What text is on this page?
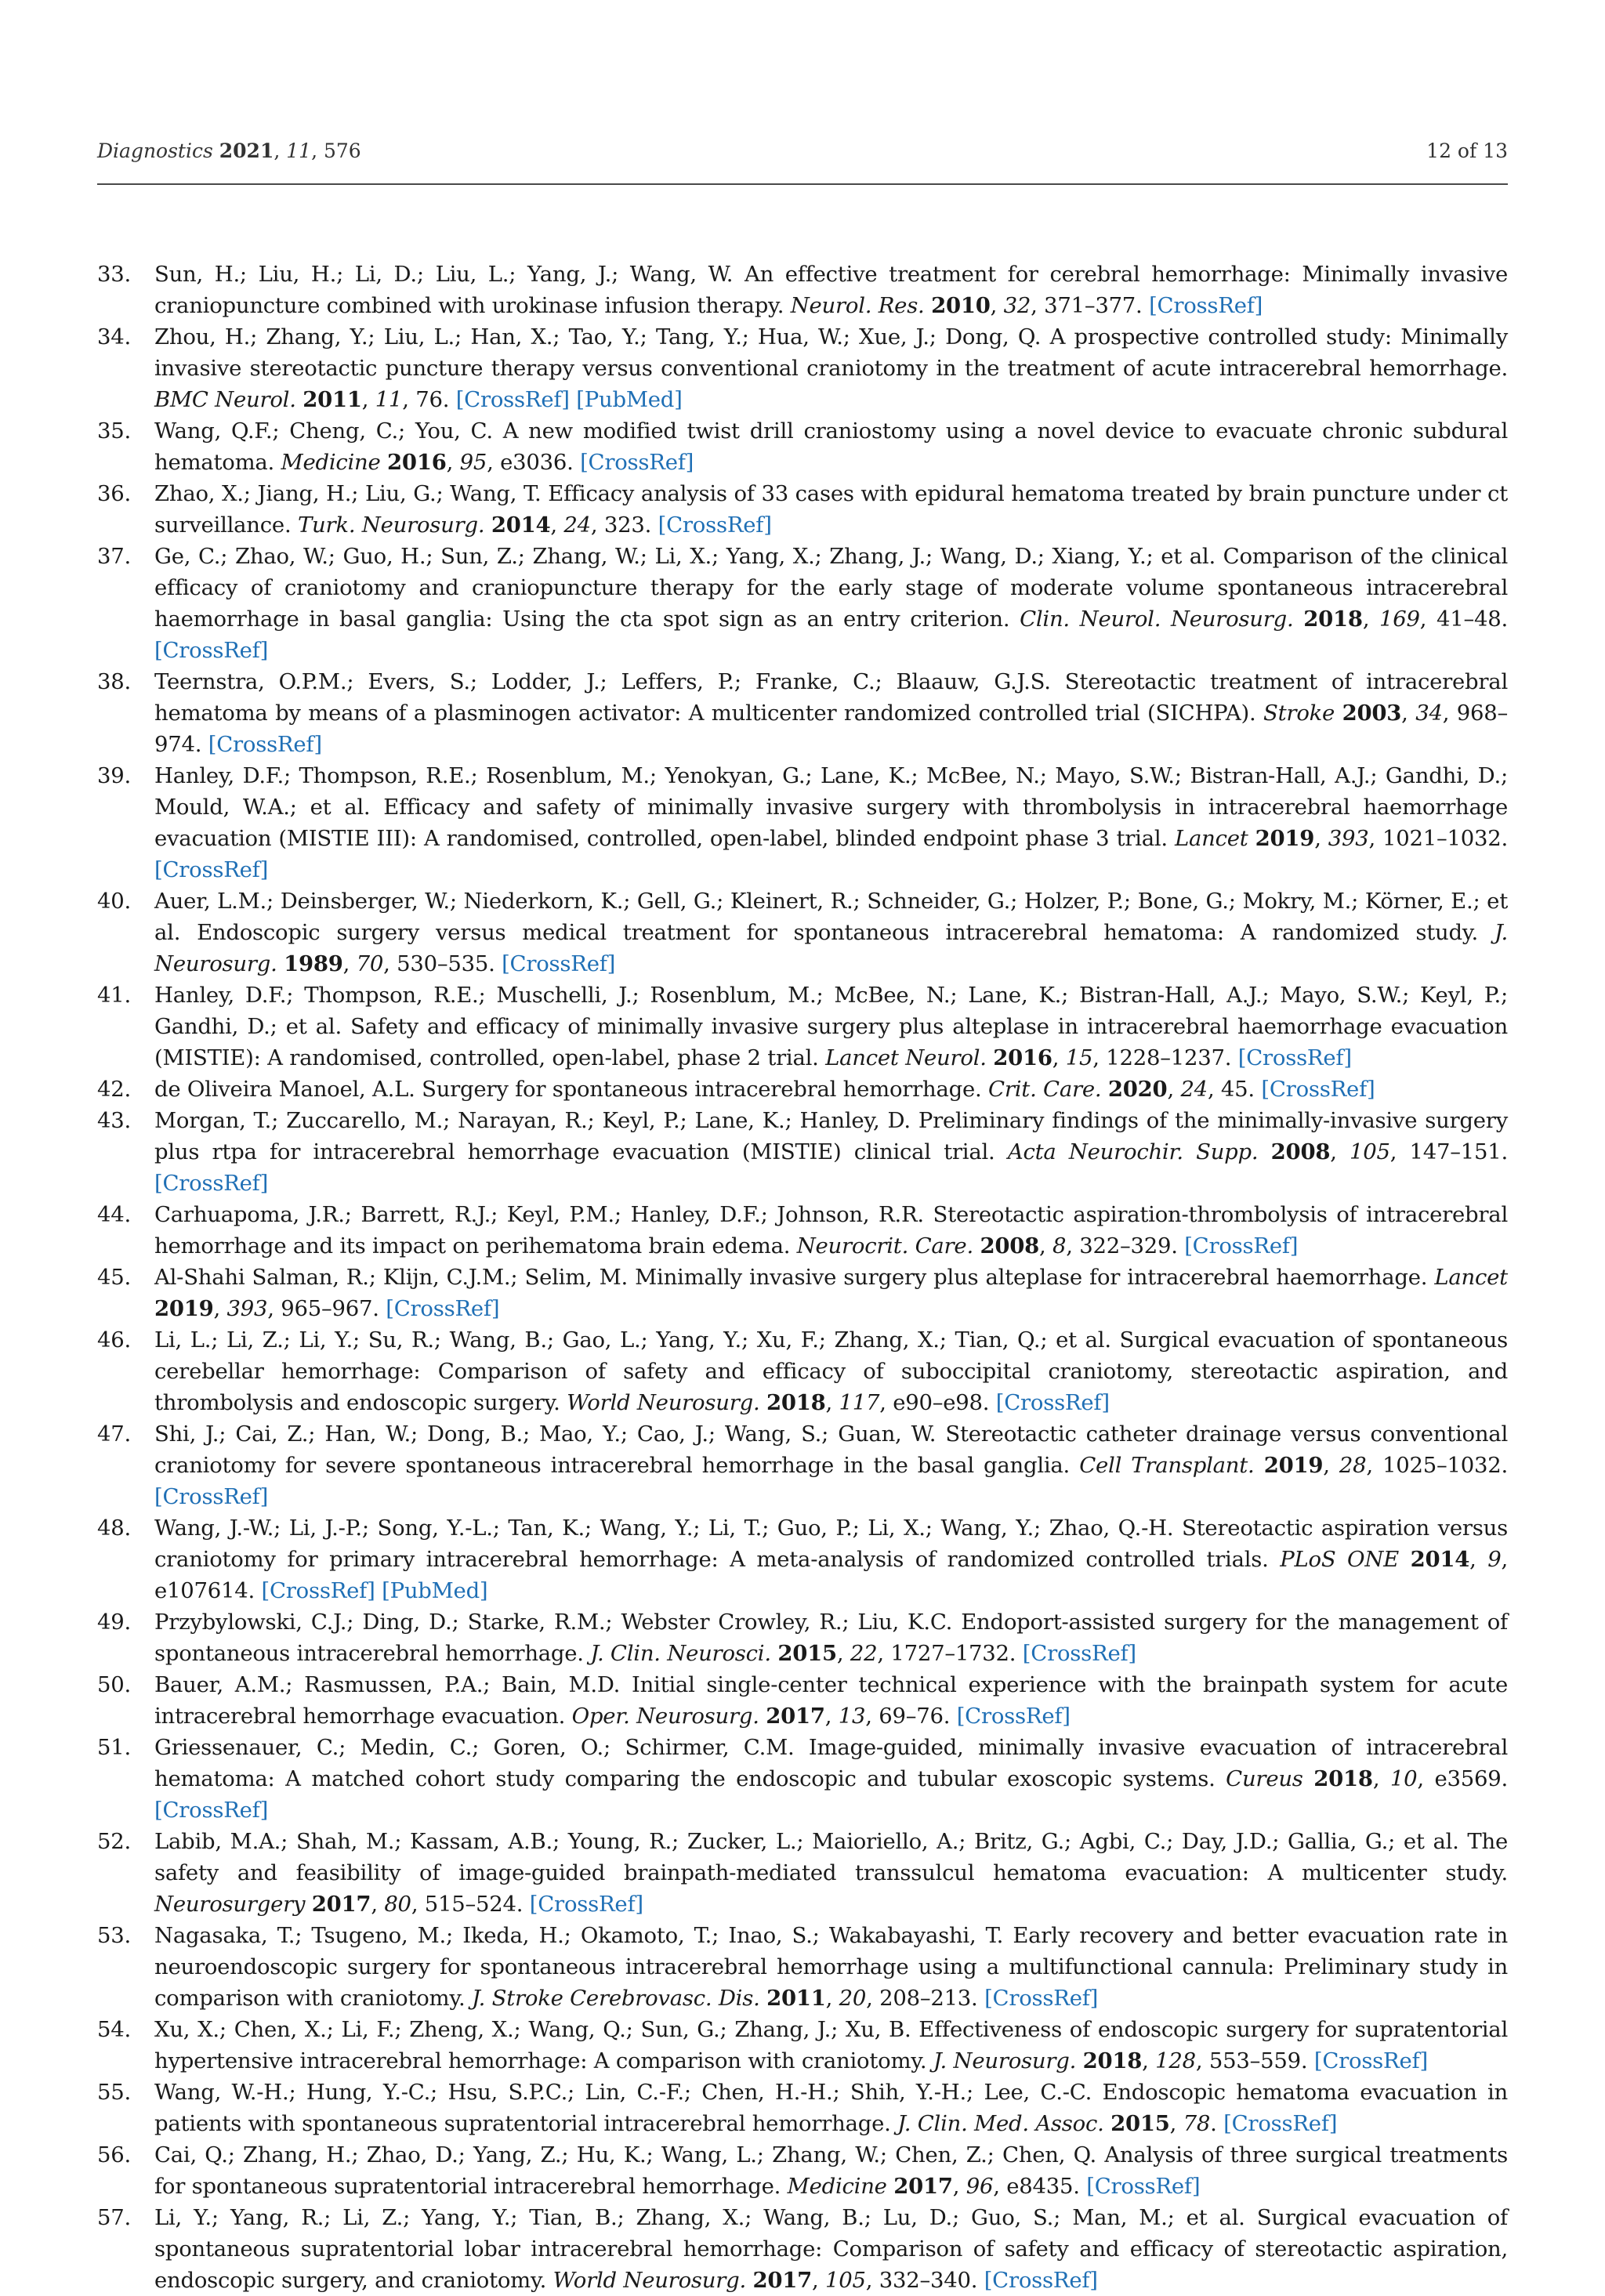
Diagnostics 2021, 11, 576	12 of 13
33. Sun, H.; Liu, H.; Li, D.; Liu, L.; Yang, J.; Wang, W. An effective treatment for cerebral hemorrhage: Minimally invasive craniopuncture combined with urokinase infusion therapy. Neurol. Res. 2010, 32, 371–377. [CrossRef]
34. Zhou, H.; Zhang, Y.; Liu, L.; Han, X.; Tao, Y.; Tang, Y.; Hua, W.; Xue, J.; Dong, Q. A prospective controlled study: Minimally invasive stereotactic puncture therapy versus conventional craniotomy in the treatment of acute intracerebral hemorrhage. BMC Neurol. 2011, 11, 76. [CrossRef] [PubMed]
35. Wang, Q.F.; Cheng, C.; You, C. A new modified twist drill craniostomy using a novel device to evacuate chronic subdural hematoma. Medicine 2016, 95, e3036. [CrossRef]
36. Zhao, X.; Jiang, H.; Liu, G.; Wang, T. Efficacy analysis of 33 cases with epidural hematoma treated by brain puncture under ct surveillance. Turk. Neurosurg. 2014, 24, 323. [CrossRef]
37. Ge, C.; Zhao, W.; Guo, H.; Sun, Z.; Zhang, W.; Li, X.; Yang, X.; Zhang, J.; Wang, D.; Xiang, Y.; et al. Comparison of the clinical efficacy of craniotomy and craniopuncture therapy for the early stage of moderate volume spontaneous intracerebral haemorrhage in basal ganglia: Using the cta spot sign as an entry criterion. Clin. Neurol. Neurosurg. 2018, 169, 41–48. [CrossRef]
38. Teernstra, O.P.M.; Evers, S.; Lodder, J.; Leffers, P.; Franke, C.; Blaauw, G.J.S. Stereotactic treatment of intracerebral hematoma by means of a plasminogen activator: A multicenter randomized controlled trial (SICHPA). Stroke 2003, 34, 968–974. [CrossRef]
39. Hanley, D.F.; Thompson, R.E.; Rosenblum, M.; Yenokyan, G.; Lane, K.; McBee, N.; Mayo, S.W.; Bistran-Hall, A.J.; Gandhi, D.; Mould, W.A.; et al. Efficacy and safety of minimally invasive surgery with thrombolysis in intracerebral haemorrhage evacuation (MISTIE III): A randomised, controlled, open-label, blinded endpoint phase 3 trial. Lancet 2019, 393, 1021–1032. [CrossRef]
40. Auer, L.M.; Deinsberger, W.; Niederkorn, K.; Gell, G.; Kleinert, R.; Schneider, G.; Holzer, P.; Bone, G.; Mokry, M.; Körner, E.; et al. Endoscopic surgery versus medical treatment for spontaneous intracerebral hematoma: A randomized study. J. Neurosurg. 1989, 70, 530–535. [CrossRef]
41. Hanley, D.F.; Thompson, R.E.; Muschelli, J.; Rosenblum, M.; McBee, N.; Lane, K.; Bistran-Hall, A.J.; Mayo, S.W.; Keyl, P.; Gandhi, D.; et al. Safety and efficacy of minimally invasive surgery plus alteplase in intracerebral haemorrhage evacuation (MISTIE): A randomised, controlled, open-label, phase 2 trial. Lancet Neurol. 2016, 15, 1228–1237. [CrossRef]
42. de Oliveira Manoel, A.L. Surgery for spontaneous intracerebral hemorrhage. Crit. Care. 2020, 24, 45. [CrossRef]
43. Morgan, T.; Zuccarello, M.; Narayan, R.; Keyl, P.; Lane, K.; Hanley, D. Preliminary findings of the minimally-invasive surgery plus rtpa for intracerebral hemorrhage evacuation (MISTIE) clinical trial. Acta Neurochir. Supp. 2008, 105, 147–151. [CrossRef]
44. Carhuapoma, J.R.; Barrett, R.J.; Keyl, P.M.; Hanley, D.F.; Johnson, R.R. Stereotactic aspiration-thrombolysis of intracerebral hemorrhage and its impact on perihematoma brain edema. Neurocrit. Care. 2008, 8, 322–329. [CrossRef]
45. Al-Shahi Salman, R.; Klijn, C.J.M.; Selim, M. Minimally invasive surgery plus alteplase for intracerebral haemorrhage. Lancet 2019, 393, 965–967. [CrossRef]
46. Li, L.; Li, Z.; Li, Y.; Su, R.; Wang, B.; Gao, L.; Yang, Y.; Xu, F.; Zhang, X.; Tian, Q.; et al. Surgical evacuation of spontaneous cerebellar hemorrhage: Comparison of safety and efficacy of suboccipital craniotomy, stereotactic aspiration, and thrombolysis and endoscopic surgery. World Neurosurg. 2018, 117, e90–e98. [CrossRef]
47. Shi, J.; Cai, Z.; Han, W.; Dong, B.; Mao, Y.; Cao, J.; Wang, S.; Guan, W. Stereotactic catheter drainage versus conventional craniotomy for severe spontaneous intracerebral hemorrhage in the basal ganglia. Cell Transplant. 2019, 28, 1025–1032. [CrossRef]
48. Wang, J.-W.; Li, J.-P.; Song, Y.-L.; Tan, K.; Wang, Y.; Li, T.; Guo, P.; Li, X.; Wang, Y.; Zhao, Q.-H. Stereotactic aspiration versus craniotomy for primary intracerebral hemorrhage: A meta-analysis of randomized controlled trials. PLoS ONE 2014, 9, e107614. [CrossRef] [PubMed]
49. Przybylowski, C.J.; Ding, D.; Starke, R.M.; Webster Crowley, R.; Liu, K.C. Endoport-assisted surgery for the management of spontaneous intracerebral hemorrhage. J. Clin. Neurosci. 2015, 22, 1727–1732. [CrossRef]
50. Bauer, A.M.; Rasmussen, P.A.; Bain, M.D. Initial single-center technical experience with the brainpath system for acute intracerebral hemorrhage evacuation. Oper. Neurosurg. 2017, 13, 69–76. [CrossRef]
51. Griessenauer, C.; Medin, C.; Goren, O.; Schirmer, C.M. Image-guided, minimally invasive evacuation of intracerebral hematoma: A matched cohort study comparing the endoscopic and tubular exoscopic systems. Cureus 2018, 10, e3569. [CrossRef]
52. Labib, M.A.; Shah, M.; Kassam, A.B.; Young, R.; Zucker, L.; Maioriello, A.; Britz, G.; Agbi, C.; Day, J.D.; Gallia, G.; et al. The safety and feasibility of image-guided brainpath-mediated transsulcul hematoma evacuation: A multicenter study. Neurosurgery 2017, 80, 515–524. [CrossRef]
53. Nagasaka, T.; Tsugeno, M.; Ikeda, H.; Okamoto, T.; Inao, S.; Wakabayashi, T. Early recovery and better evacuation rate in neuroendoscopic surgery for spontaneous intracerebral hemorrhage using a multifunctional cannula: Preliminary study in comparison with craniotomy. J. Stroke Cerebrovasc. Dis. 2011, 20, 208–213. [CrossRef]
54. Xu, X.; Chen, X.; Li, F.; Zheng, X.; Wang, Q.; Sun, G.; Zhang, J.; Xu, B. Effectiveness of endoscopic surgery for supratentorial hypertensive intracerebral hemorrhage: A comparison with craniotomy. J. Neurosurg. 2018, 128, 553–559. [CrossRef]
55. Wang, W.-H.; Hung, Y.-C.; Hsu, S.P.C.; Lin, C.-F.; Chen, H.-H.; Shih, Y.-H.; Lee, C.-C. Endoscopic hematoma evacuation in patients with spontaneous supratentorial intracerebral hemorrhage. J. Clin. Med. Assoc. 2015, 78. [CrossRef]
56. Cai, Q.; Zhang, H.; Zhao, D.; Yang, Z.; Hu, K.; Wang, L.; Zhang, W.; Chen, Z.; Chen, Q. Analysis of three surgical treatments for spontaneous supratentorial intracerebral hemorrhage. Medicine 2017, 96, e8435. [CrossRef]
57. Li, Y.; Yang, R.; Li, Z.; Yang, Y.; Tian, B.; Zhang, X.; Wang, B.; Lu, D.; Guo, S.; Man, M.; et al. Surgical evacuation of spontaneous supratentorial lobar intracerebral hemorrhage: Comparison of safety and efficacy of stereotactic aspiration, endoscopic surgery, and craniotomy. World Neurosurg. 2017, 105, 332–340. [CrossRef]
